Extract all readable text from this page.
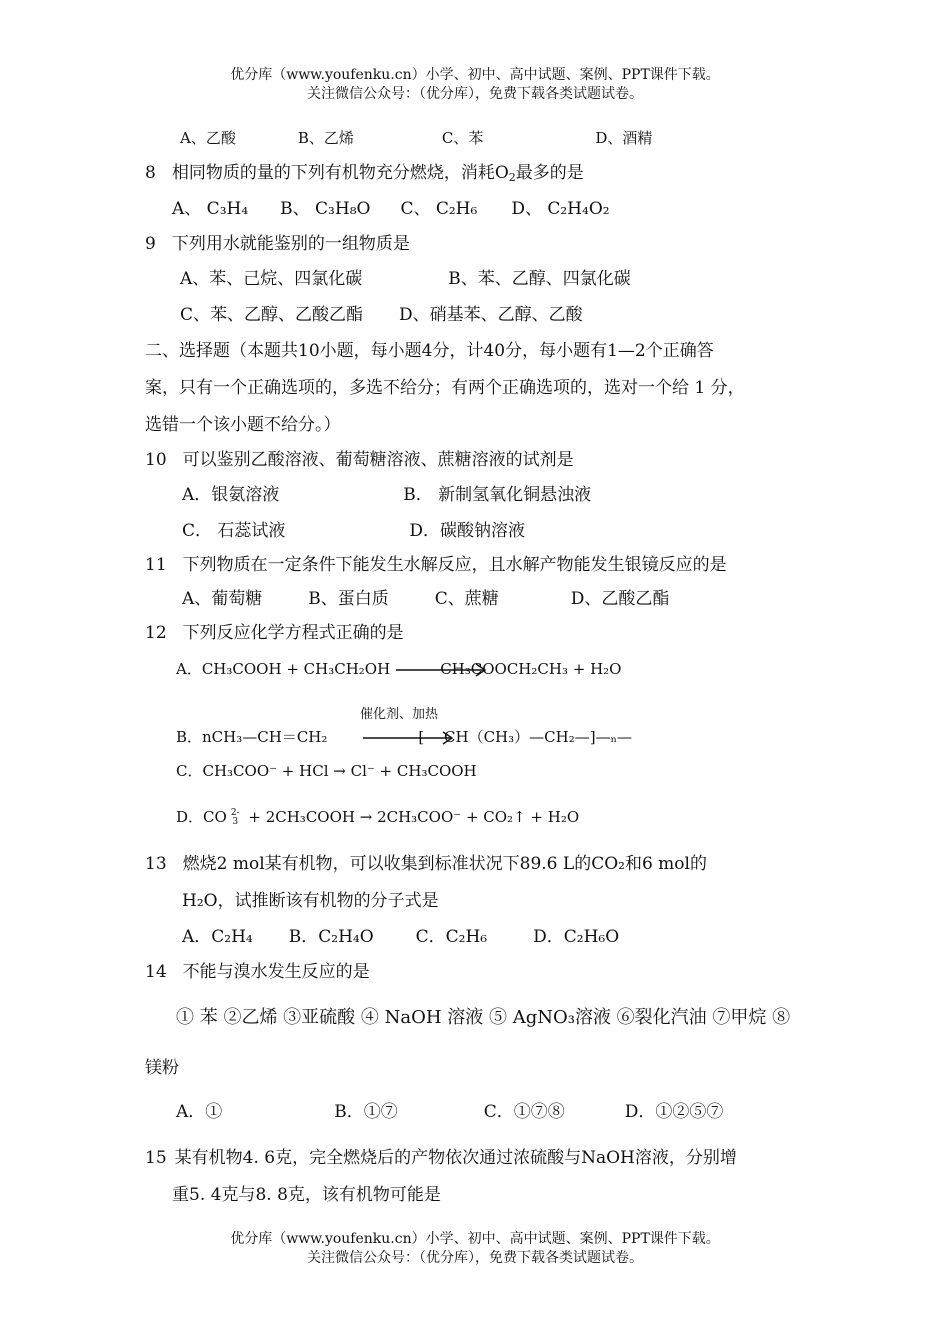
优分库（www.youfenku.cn）小学、初中、高中试题、案例、PPT课件下载。
关注微信公众号：（优分库），免费下载各类试题试卷。
A、乙酸	B、乙烯	C、苯	D、酒精
8 相同物质的量的下列有机物充分燃烧，消耗$O_2$最多的是
A、 C₃H₄ B、 C₃H₈O C、 C₂H₆ D、 C₂H₄O₂
9 下列用水就能鉴别的一组物质是
A、苯、己烷、四氯化碳	B、苯、乙醇、四氯化碳
C、苯、乙醇、乙酸乙酯 D、硝基苯、乙醇、乙酸
二、选择题（本题共10小题，每小题4分，计40分，每小题有1—2个正确答
案，只有一个正确选项的，多选不给分；有两个正确选项的，选对一个给 1 分，
选错一个该小题不给分。）
10 可以鉴别乙酸溶液、葡萄糖溶液、蔗糖溶液的试剂是
A．银氨溶液	B． 新制氢氧化铜悬浊液
C． 石蕊试液	D．碳酸钠溶液
11 下列物质在一定条件下能发生水解反应，且水解产物能发生银镜反应的是
A、葡萄糖	B、蛋白质	C、蔗糖	D、乙酸乙酯
12 下列反应化学方程式正确的是
A．CH₃COOH + CH₃CH₂OH	CH₃COOCH₂CH₃ + H₂O
催化剂、加热
B．nCH₃—CH＝CH₂	—[— CH（CH₃）—CH₂—]—ₙ—
C．CH₃COO⁻ + HCl → Cl⁻ + CH₃COOH
D．CO 2-
3 + 2CH₃COOH → 2CH₃COO⁻ + CO₂↑ + H₂O
13 燃烧2 mol某有机物，可以收集到标准状况下89.6 L的CO₂和6 mol的
H₂O，试推断该有机物的分子式是
A．C₂H₄ B．C₂H₄O C．C₂H₆	D．C₂H₆O
14 不能与溴水发生反应的是
① 苯 ②乙烯 ③亚硫酸 ④ NaOH 溶液 ⑤ AgNO₃溶液 ⑥裂化汽油 ⑦甲烷 ⑧
镁粉
A．①	B．①⑦	C．①⑦⑧	D．①②⑤⑦
15 某有机物4. 6克，完全燃烧后的产物依次通过浓硫酸与NaOH溶液，分别增
重5. 4克与8. 8克，该有机物可能是
优分库（www.youfenku.cn）小学、初中、高中试题、案例、PPT课件下载。
关注微信公众号：（优分库），免费下载各类试题试卷。
